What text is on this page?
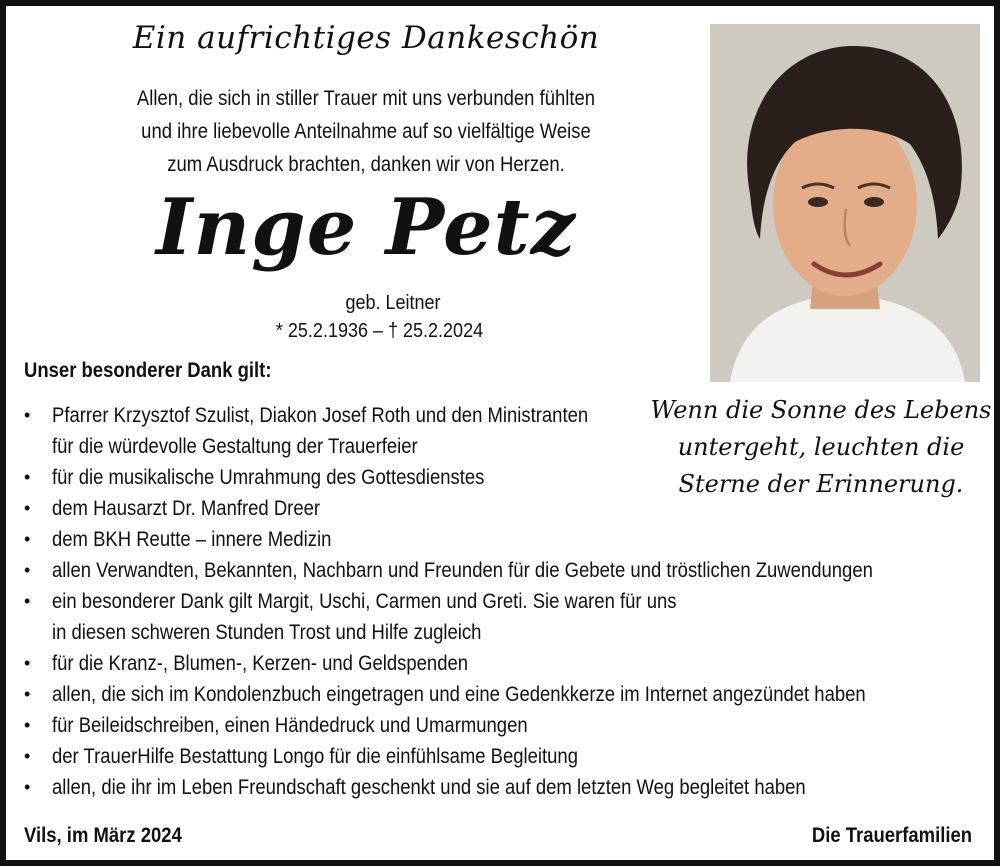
Ein aufrichtiges Dankeschön
Allen, die sich in stiller Trauer mit uns verbunden fühlten
und ihre liebevolle Anteilnahme auf so vielfältige Weise
zum Ausdruck brachten, danken wir von Herzen.
Inge Petz
geb. Leitner
* 25.2.1936 – † 25.2.2024
Wenn die Sonne des Lebens
untergeht, leuchten die
Sterne der Erinnerung.
Unser besonderer Dank gilt:
•	Pfarrer Krzysztof Szulist, Diakon Josef Roth und den Ministranten
für die würdevolle Gestaltung der Trauerfeier
•	für die musikalische Umrahmung des Gottesdienstes
•	dem Hausarzt Dr. Manfred Dreer
•	dem BKH Reutte – innere Medizin
•	allen Verwandten, Bekannten, Nachbarn und Freunden für die Gebete und tröstlichen Zuwendungen
•	ein besonderer Dank gilt Margit, Uschi, Carmen und Greti. Sie waren für uns
in diesen schweren Stunden Trost und Hilfe zugleich
•	für die Kranz-, Blumen-, Kerzen- und Geldspenden
•	allen, die sich im Kondolenzbuch eingetragen und eine Gedenkkerze im Internet angezündet haben
•	für Beileidschreiben, einen Händedruck und Umarmungen
•	der TrauerHilfe Bestattung Longo für die einfühlsame Begleitung
•	allen, die ihr im Leben Freundschaft geschenkt und sie auf dem letzten Weg begleitet haben
Vils, im März 2024	Die Trauerfamilien
